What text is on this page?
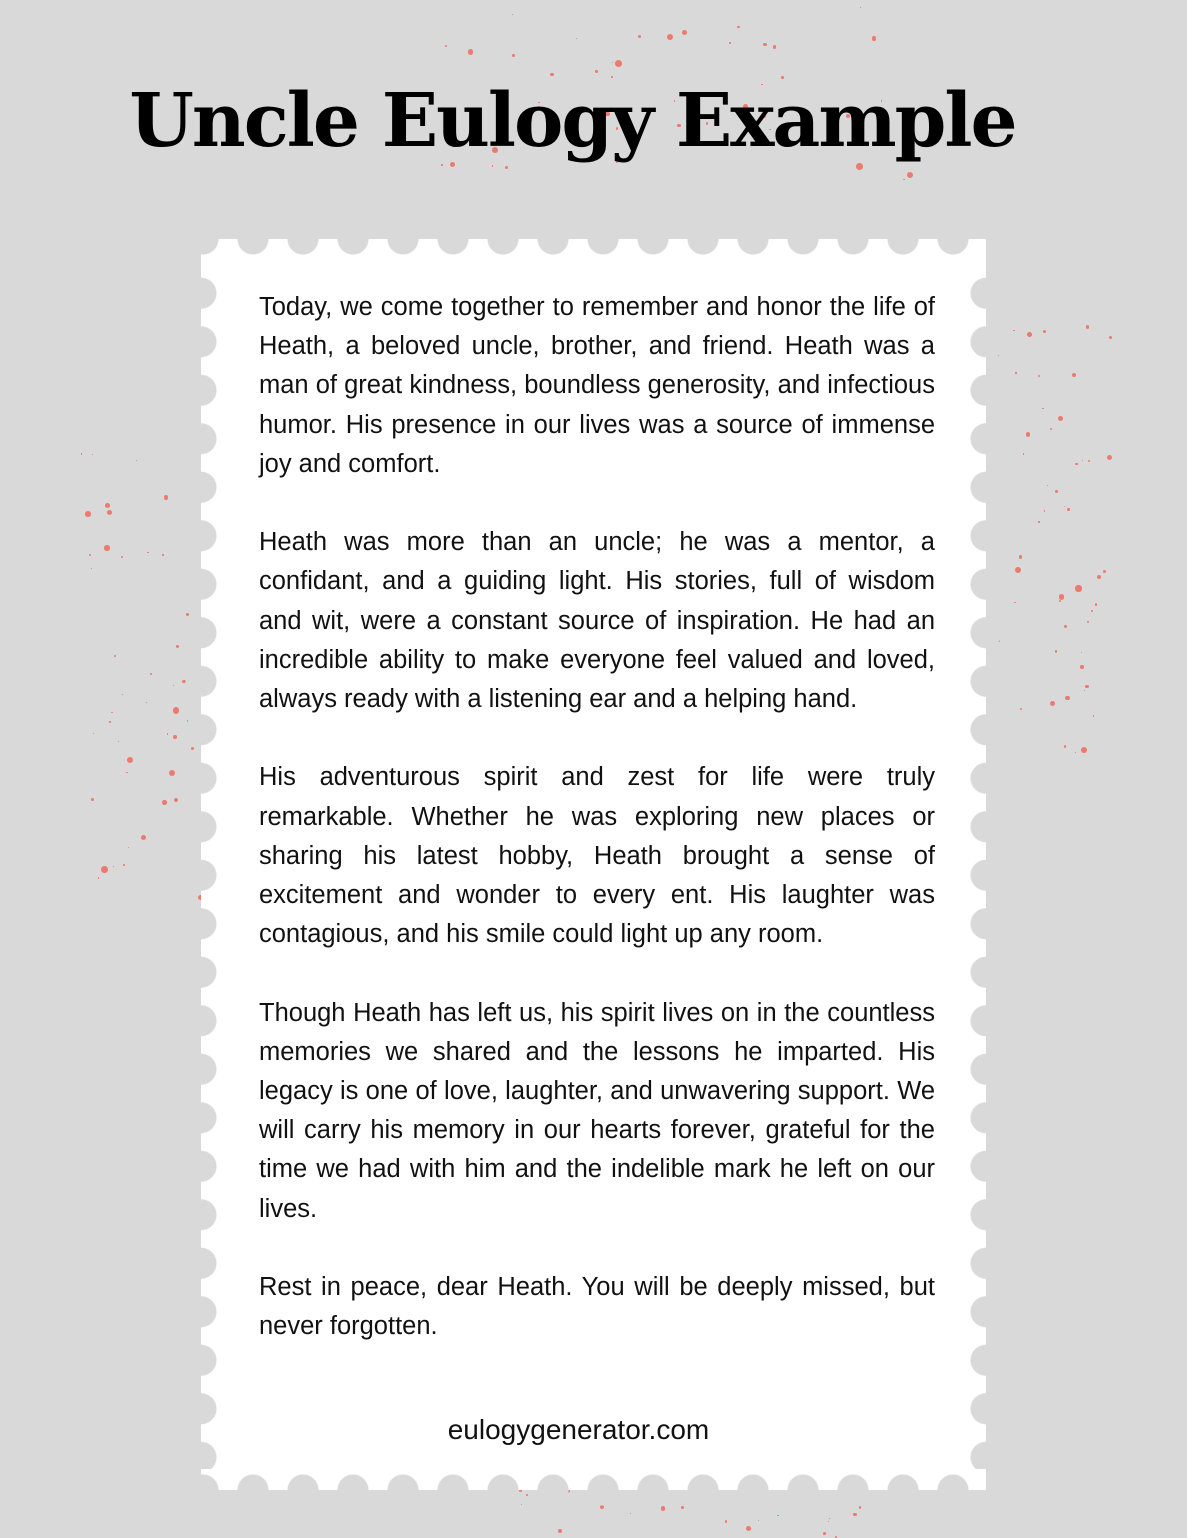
Uncle Eulogy Example

Today, we come together to remember and honor the life of Heath, a beloved uncle, brother, and friend. Heath was a man of great kindness, boundless generosity, and infectious humor. His presence in our lives was a source of immense joy and comfort.

Heath was more than an uncle; he was a mentor, a confidant, and a guiding light. His stories, full of wisdom and wit, were a constant source of inspiration. He had an incredible ability to make everyone feel valued and loved, always ready with a listening ear and a helping hand.

His adventurous spirit and zest for life were truly remarkable. Whether he was exploring new places or sharing his latest hobby, Heath brought a sense of excitement and wonder to every ent. His laughter was contagious, and his smile could light up any room.

Though Heath has left us, his spirit lives on in the countless memories we shared and the lessons he imparted. His legacy is one of love, laughter, and unwavering support. We will carry his memory in our hearts forever, grateful for the time we had with him and the indelible mark he left on our lives.

Rest in peace, dear Heath. You will be deeply missed, but never forgotten.

eulogygenerator.com
